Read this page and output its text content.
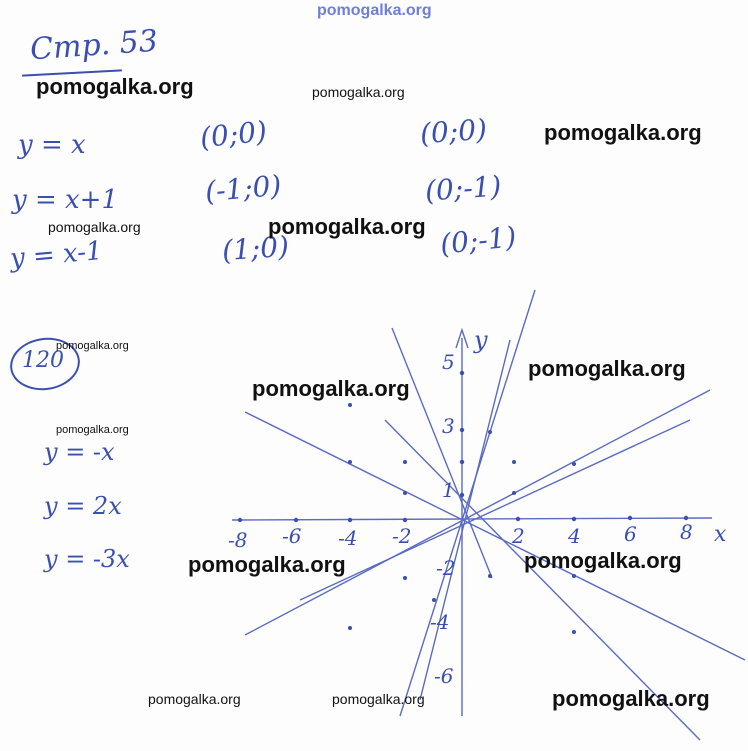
pomogalka.org
Стр. 53
y = x	(0;0)	(0;0)
y = x+1	(-1;0)	(0;-1)
y = x-1	(1;0)	(0;-1)
120
y = -x
y = 2x
y = -3x
x
y
-8 -6 -4 -2	2 4 6 8
5
3
1
-2
-4
-6
pomogalka.org	pomogalka.org
pomogalka.org
pomogalka.org	pomogalka.org
pomogalka.org
pomogalka.org
pomogalka.org
pomogalka.org
pomogalka.org
pomogalka.org
pomogalka.org	pomogalka.org	pomogalka.org
